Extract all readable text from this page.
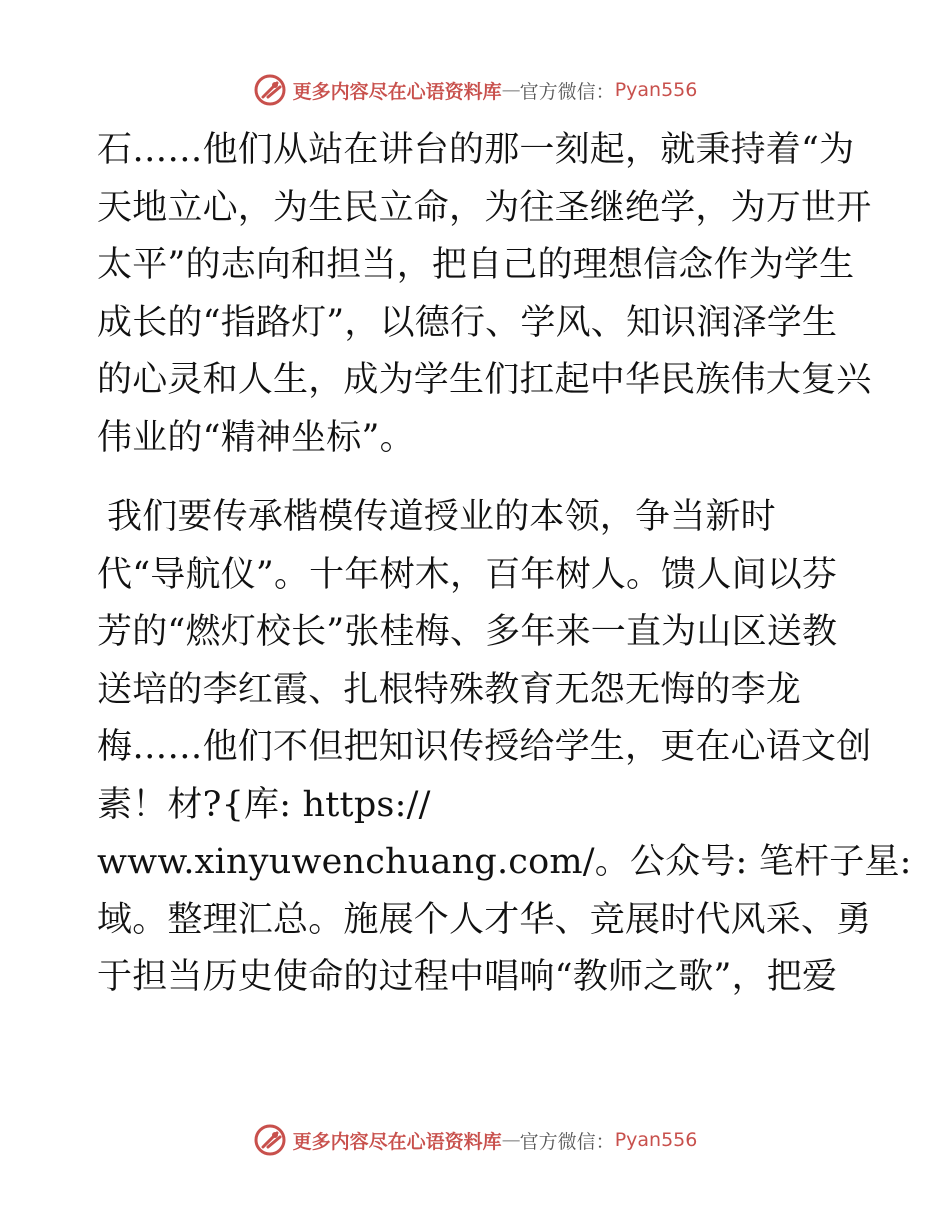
更多内容尽在心语资料库 — 官方微信： Pyan556
石……他们从站在讲台的那一刻起，就秉持着“为
天地立心，为生民立命，为往圣继绝学，为万世开
太平”的志向和担当，把自己的理想信念作为学生
成长的“指路灯”，以德行、学风、知识润泽学生
的心灵和人生，成为学生们扛起中华民族伟大复兴
伟业的“精神坐标”。
我们要传承楷模传道授业的本领，争当新时
代“导航仪”。十年树木，百年树人。馈人间以芬
芳的“燃灯校长”张桂梅、多年来一直为山区送教
送培的李红霞、扎根特殊教育无怨无悔的李龙
梅……他们不但把知识传授给学生，更在心语文创
素！材?{库: https://
www.xinyuwenchuang.com/。公众号: 笔杆子星:
域。整理汇总。施展个人才华、竞展时代风采、勇
于担当历史使命的过程中唱响“教师之歌”，把爱
更多内容尽在心语资料库 — 官方微信： Pyan556
